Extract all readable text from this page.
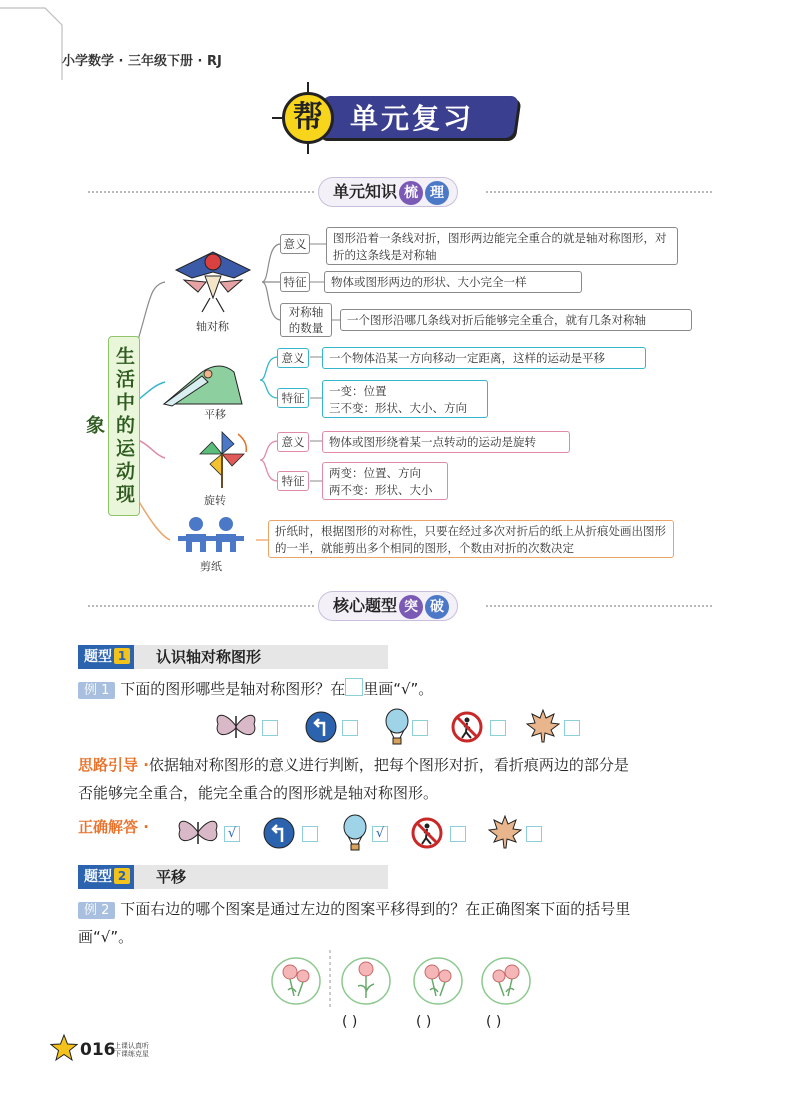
小学数学 · 三年级下册 · RJ
帮 单元复习
单元知识 梳 理
生活中的运动现象
轴对称
意义	图形沿着一条线对折，图形两边能完全重合的就是轴对称图形，对折的这条线是对称轴
特征	物体或图形两边的形状、大小完全一样
对称轴的数量
一个图形沿哪几条线对折后能够完全重合，就有几条对称轴
平移
意义	一个物体沿某一方向移动一定距离，这样的运动是平移
特征	一变：位置
三不变：形状、大小、方向
旋转
意义	物体或图形绕着某一点转动的运动是旋转
特征
两变：位置、方向
两不变：形状、大小
剪纸
折纸时，根据图形的对称性，只要在经过多次对折后的纸上从折痕处画出图形的一半，就能剪出多个相同的图形，个数由对折的次数决定
核心题型 突 破
题型 1	认识轴对称图形
例 1 下面的图形哪些是轴对称图形？在 里画“√”。
思路引导 ·依据轴对称图形的意义进行判断，把每个图形对折，看折痕两边的部分是
否能够完全重合，能完全重合的图形就是轴对称图形。
正确解答 ·	√	√
题型 2	平移
例 2 下面右边的哪个图案是通过左边的图案平移得到的？在正确图案下面的括号里
画“√”。
( )	( )	( )
016
上课认真听
下课练克星
